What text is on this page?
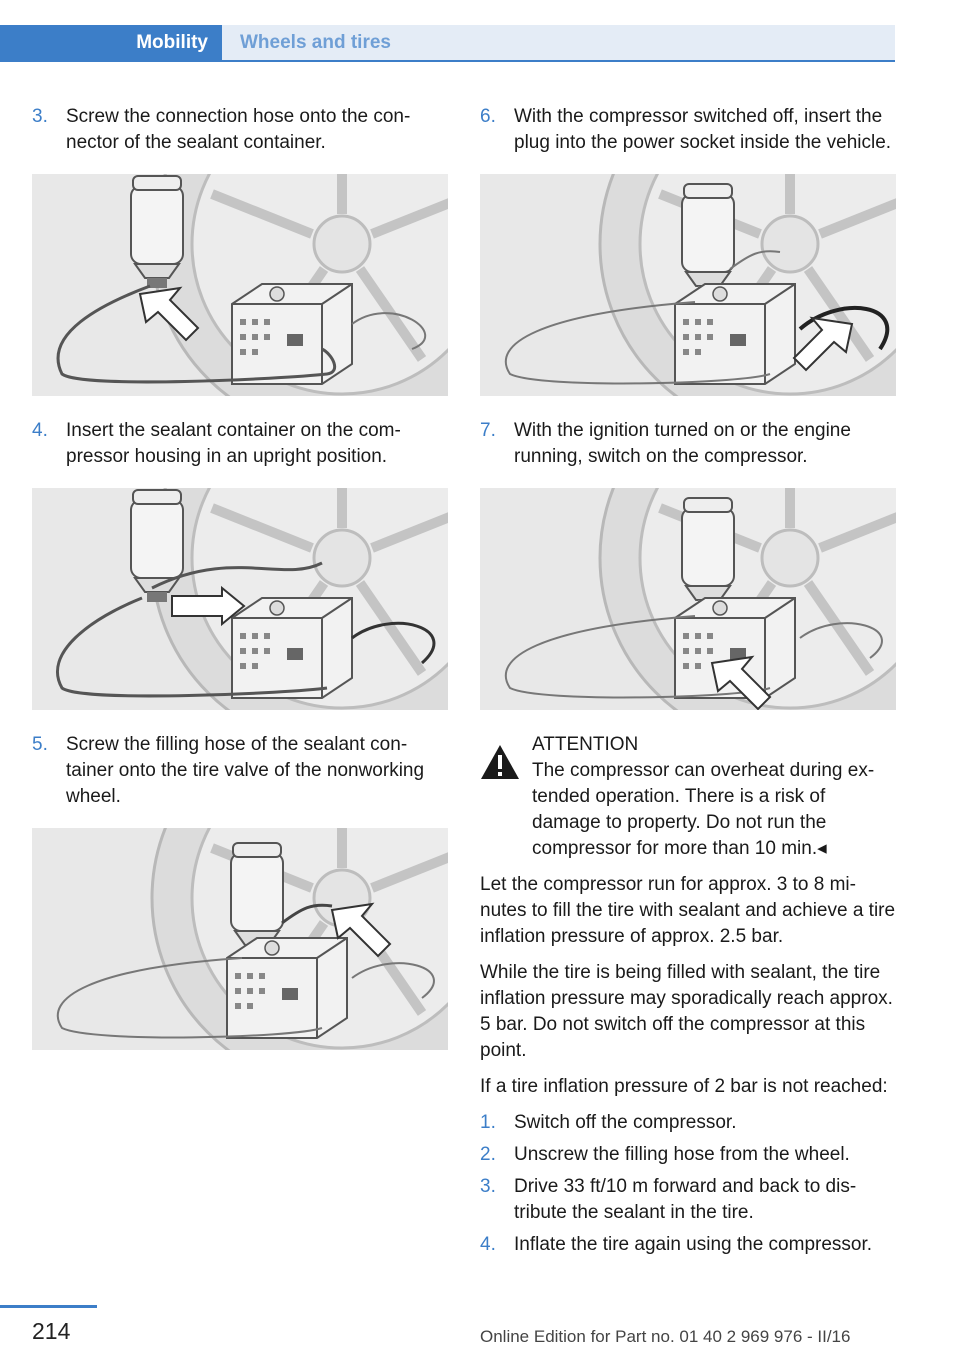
Mobility	Wheels and tires
3. Screw the connection hose onto the connector of the sealant container.
4. Insert the sealant container on the compressor housing in an upright position.
5. Screw the filling hose of the sealant container onto the tire valve of the nonworking wheel.
6. With the compressor switched off, insert the plug into the power socket inside the vehicle.
7. With the ignition turned on or the engine running, switch on the compressor.
ATTENTION
The compressor can overheat during extended operation. There is a risk of damage to property. Do not run the compressor for more than 10 min.◂

Let the compressor run for approx. 3 to 8 minutes to fill the tire with sealant and achieve a tire inflation pressure of approx. 2.5 bar.

While the tire is being filled with sealant, the tire inflation pressure may sporadically reach approx. 5 bar. Do not switch off the compressor at this point.

If a tire inflation pressure of 2 bar is not reached:

1. Switch off the compressor.
2. Unscrew the filling hose from the wheel.
3. Drive 33 ft/10 m forward and back to distribute the sealant in the tire.
4. Inflate the tire again using the compressor.
214	Online Edition for Part no. 01 40 2 969 976 - II/16
